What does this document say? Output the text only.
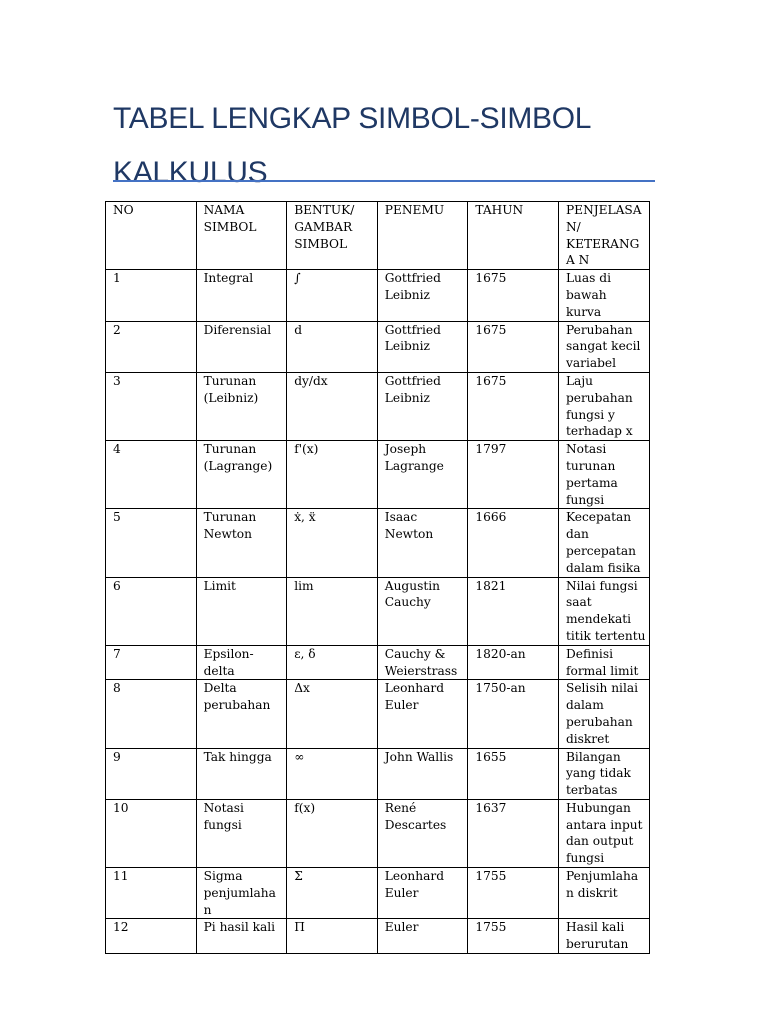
TABEL LENGKAP SIMBOL-SIMBOL KALKULUS
NO	NAMA SIMBOL	BENTUK/ GAMBAR SIMBOL	PENEMU	TAHUN	PENJELASA N/ KETERANGA N
1	Integral	∫	Gottfried Leibniz	1675	Luas di bawah kurva
2	Diferensial	d	Gottfried Leibniz	1675	Perubahan sangat kecil variabel
3	Turunan (Leibniz)	dy/dx	Gottfried Leibniz	1675	Laju perubahan fungsi y terhadap x
4	Turunan (Lagrange)	f'(x)	Joseph Lagrange	1797	Notasi turunan pertama fungsi
5	Turunan Newton	ẋ, ẍ	Isaac Newton	1666	Kecepatan dan percepatan dalam fisika
6	Limit	lim	Augustin Cauchy	1821	Nilai fungsi saat mendekati titik tertentu
7	Epsilon-delta	ε, δ	Cauchy & Weierstrass	1820-an	Definisi formal limit
8	Delta perubahan	Δx	Leonhard Euler	1750-an	Selisih nilai dalam perubahan diskret
9	Tak hingga	∞	John Wallis	1655	Bilangan yang tidak terbatas
10	Notasi fungsi	f(x)	René Descartes	1637	Hubungan antara input dan output fungsi
11	Sigma penjumlahan	Σ	Leonhard Euler	1755	Penjumlahan diskrit
12	Pi hasil kali	Π	Euler	1755	Hasil kali berurutan
